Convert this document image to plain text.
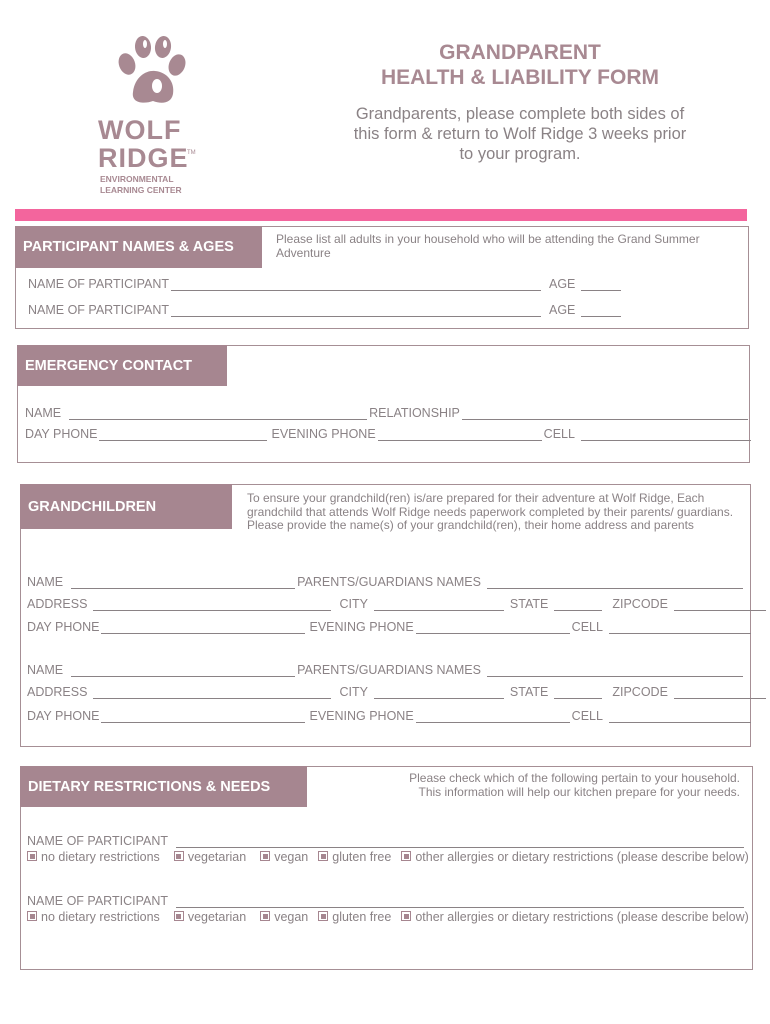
WOLF
RIDGE
TM
ENVIRONMENTAL
LEARNING CENTER
GRANDPARENT
HEALTH & LIABILITY FORM
Grandparents, please complete both sides of
this form & return to Wolf Ridge 3 weeks prior
to your program.
PARTICIPANT NAMES & AGES	Please list all adults in your household who will be attending the Grand Summer Adventure
NAME OF PARTICIPANT	AGE
NAME OF PARTICIPANT	AGE
EMERGENCY CONTACT
NAME	RELATIONSHIP
DAY PHONE	EVENING PHONE	CELL
GRANDCHILDREN
To ensure your grandchild(ren) is/are prepared for their adventure at Wolf Ridge, Each grandchild that attends Wolf Ridge needs paperwork completed by their parents/ guardians. Please provide the name(s) of your grandchild(ren), their home address and parents
NAME	PARENTS/GUARDIANS NAMES
ADDRESS	CITY	STATE	ZIPCODE
DAY PHONE	EVENING PHONE	CELL
NAME	PARENTS/GUARDIANS NAMES
ADDRESS	CITY	STATE	ZIPCODE
DAY PHONE	EVENING PHONE	CELL
DIETARY RESTRICTIONS & NEEDS
Please check which of the following pertain to your household.
This information will help our kitchen prepare for your needs.
NAME OF PARTICIPANT
no dietary restrictions vegetarian vegan gluten free other allergies or dietary restrictions (please describe below)
NAME OF PARTICIPANT
no dietary restrictions vegetarian vegan gluten free other allergies or dietary restrictions (please describe below)
